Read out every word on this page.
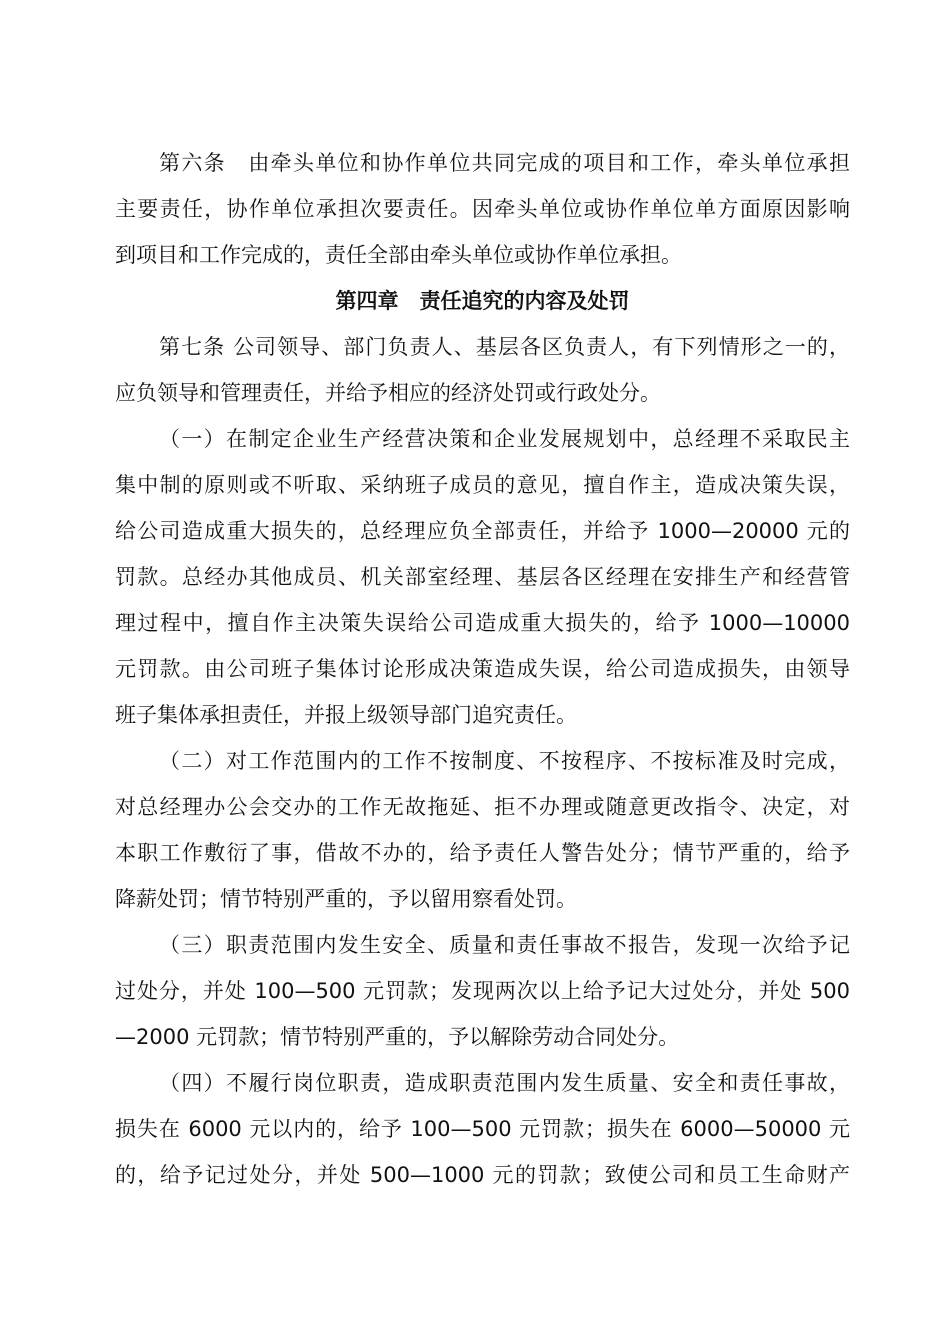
第六条　由牵头单位和协作单位共同完成的项目和工作，牵头单位承担
主要责任，协作单位承担次要责任。因牵头单位或协作单位单方面原因影响
到项目和工作完成的，责任全部由牵头单位或协作单位承担。
第四章　责任追究的内容及处罚
第七条 公司领导、部门负责人、基层各区负责人，有下列情形之一的，
应负领导和管理责任，并给予相应的经济处罚或行政处分。
（一）在制定企业生产经营决策和企业发展规划中，总经理不采取民主
集中制的原则或不听取、采纳班子成员的意见，擅自作主，造成决策失误，
给公司造成重大损失的，总经理应负全部责任，并给予 1000—20000 元的
罚款。总经办其他成员、机关部室经理、基层各区经理在安排生产和经营管
理过程中，擅自作主决策失误给公司造成重大损失的，给予 1000—10000
元罚款。由公司班子集体讨论形成决策造成失误，给公司造成损失，由领导
班子集体承担责任，并报上级领导部门追究责任。
（二）对工作范围内的工作不按制度、不按程序、不按标准及时完成，
对总经理办公会交办的工作无故拖延、拒不办理或随意更改指令、决定，对
本职工作敷衍了事，借故不办的，给予责任人警告处分；情节严重的，给予
降薪处罚；情节特别严重的，予以留用察看处罚。
（三）职责范围内发生安全、质量和责任事故不报告，发现一次给予记
过处分，并处 100—500 元罚款；发现两次以上给予记大过处分，并处 500
—2000 元罚款；情节特别严重的，予以解除劳动合同处分。
（四）不履行岗位职责，造成职责范围内发生质量、安全和责任事故，
损失在 6000 元以内的，给予 100—500 元罚款；损失在 6000—50000 元
的，给予记过处分，并处 500—1000 元的罚款；致使公司和员工生命财产
